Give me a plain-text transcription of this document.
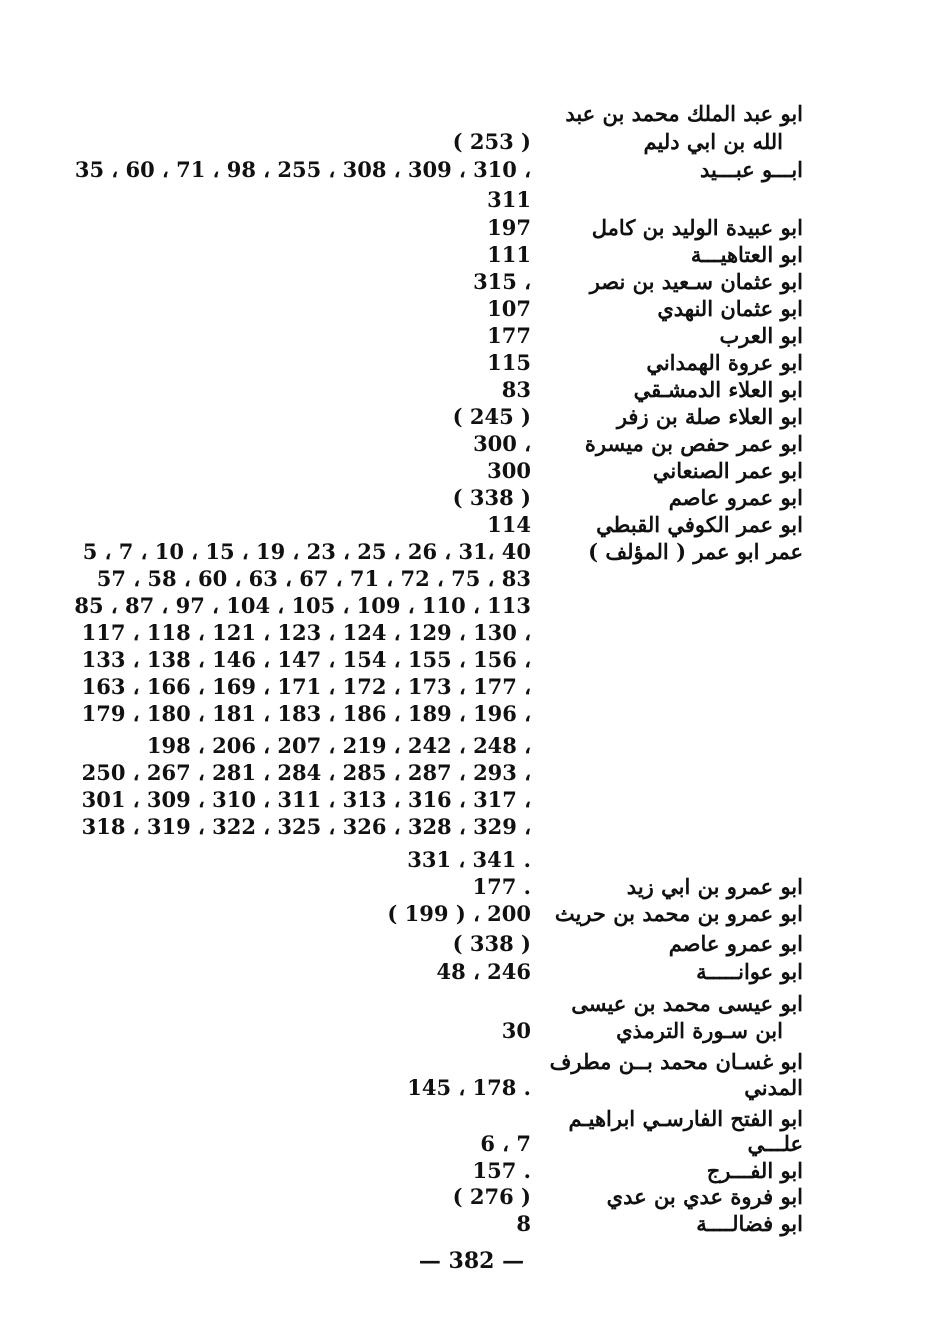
ابو عبد الملك محمد بن عبد
الله بن ابي دليم
( 253 )
ابـــو عبـــيد
35 ، 60 ، 71 ، 98 ، 255 ، 308 ، 309 ، 310 ،
311
ابو عبيدة الوليد بن كامل
197
ابو العتاهيـــة
111
ابو عثمان سـعيد بن نصر
315 ،
ابو عثمان النهدي
107
ابو العرب
177
ابو عروة الهمداني
115
ابو العلاء الدمشـقي
83
ابو العلاء صلة بن زفر
( 245 )
ابو عمر حفص بن ميسرة
300 ،
ابو عمر الصنعاني
300
ابو عمرو عاصم
( 338 )
ابو عمر الكوفي القبطي
114
عمر ابو عمر ( المؤلف )
5 ، 7 ، 10 ، 15 ، 19 ، 23 ، 25 ، 26 ، 31، 40
57 ، 58 ، 60 ، 63 ، 67 ، 71 ، 72 ، 75 ، 83
85 ، 87 ، 97 ، 104 ، 105 ، 109 ، 110 ، 113
117 ، 118 ، 121 ، 123 ، 124 ، 129 ، 130 ،
133 ، 138 ، 146 ، 147 ، 154 ، 155 ، 156 ،
163 ، 166 ، 169 ، 171 ، 172 ، 173 ، 177 ،
179 ، 180 ، 181 ، 183 ، 186 ، 189 ، 196 ،
198 ، 206 ، 207 ، 219 ، 242 ، 248 ،
250 ، 267 ، 281 ، 284 ، 285 ، 287 ، 293 ،
301 ، 309 ، 310 ، 311 ، 313 ، 316 ، 317 ،
318 ، 319 ، 322 ، 325 ، 326 ، 328 ، 329 ،
331 ، 341 .
ابو عمرو بن ابي زيد
177 .
ابو عمرو بن محمد بن حريث
( 199 ) ، 200
ابو عمرو عاصم
( 338 )
ابو عوانـــــة
48 ، 246
ابو عيسى محمد بن عيسى
ابن سـورة الترمذي
30
ابو غسـان محمد بــن مطرف
المدني
145 ، 178 .
ابو الفتح الفارسـي ابراهيـم
علـــي
6 ، 7
ابو الفـــرج
157 .
ابو فروة عدي بن عدي
( 276 )
ابو فضالــــة
8
— 382 —
